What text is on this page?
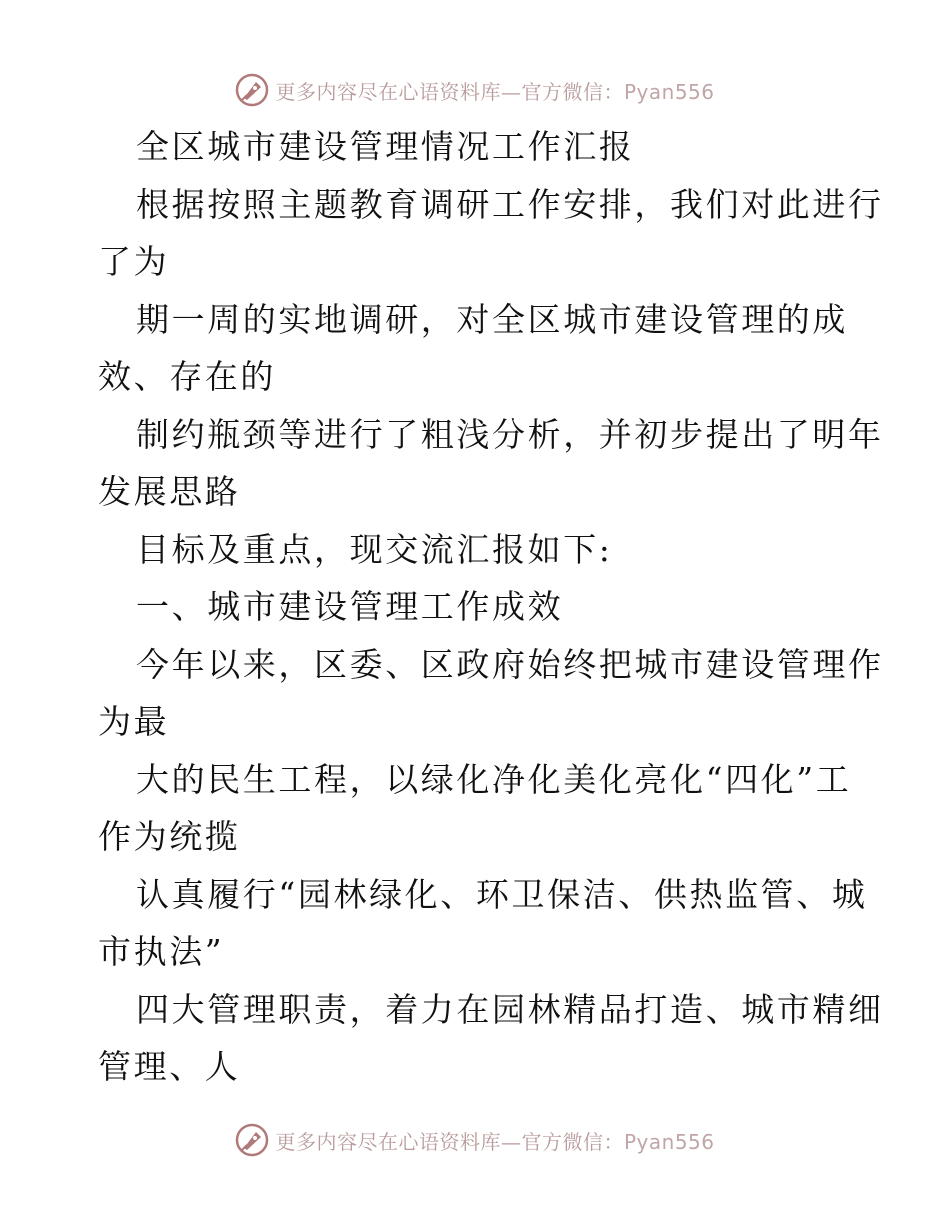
更多内容尽在心语资料库—官方微信：Pyan556
全区城市建设管理情况工作汇报
根据按照主题教育调研工作安排，我们对此进行
了为
期一周的实地调研，对全区城市建设管理的成
效、存在的
制约瓶颈等进行了粗浅分析，并初步提出了明年
发展思路
目标及重点，现交流汇报如下:
一、城市建设管理工作成效
今年以来，区委、区政府始终把城市建设管理作
为最
大的民生工程，以绿化净化美化亮化“四化”工
作为统揽
认真履行“园林绿化、环卫保洁、供热监管、城
市执法”
四大管理职责，着力在园林精品打造、城市精细
管理、人
更多内容尽在心语资料库—官方微信：Pyan556
